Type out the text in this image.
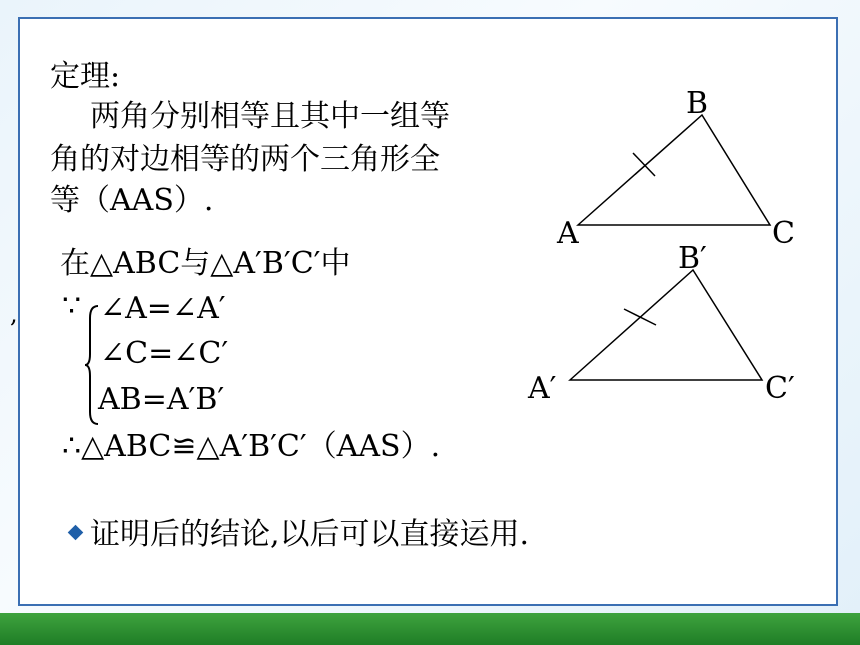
,
定理:
两角分别相等且其中一组等
角的对边相等的两个三角形全
等（AAS）.
在△ABC与△A′B′C′中
∵ ∠A=∠A′
∠C=∠C′
AB=A′B′
∴△ABC≌△A′B′C′（AAS）.
证明后的结论,以后可以直接运用.
B
A	C
B′
A′	C′
